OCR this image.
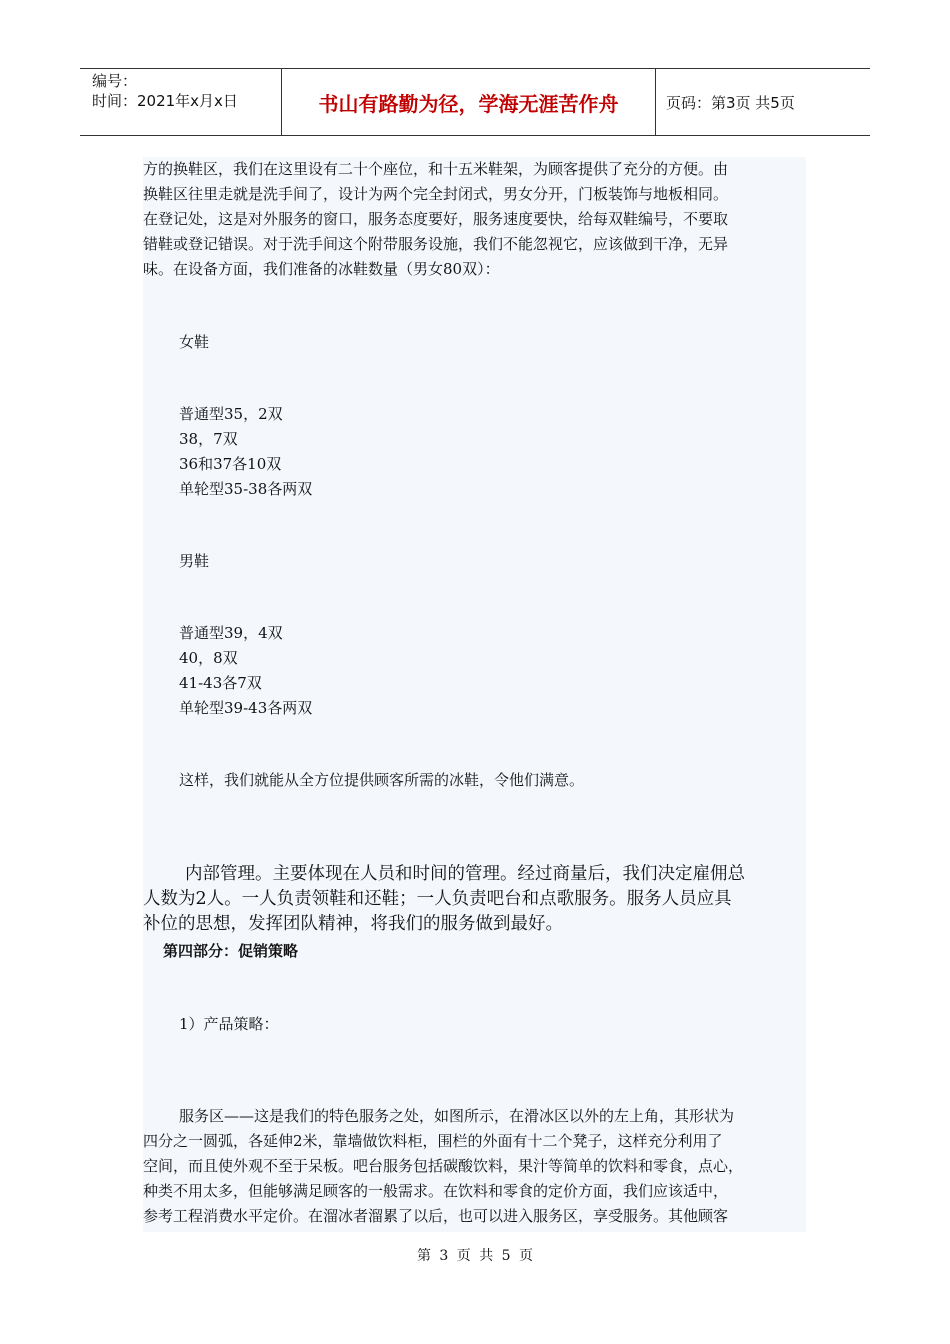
编号：
时间：2021年x月x日	书山有路勤为径，学海无涯苦作舟	页码：第3页 共5页

方的换鞋区，我们在这里设有二十个座位，和十五米鞋架，为顾客提供了充分的方便。由

换鞋区往里走就是洗手间了，设计为两个完全封闭式，男女分开，门板装饰与地板相同。

在登记处，这是对外服务的窗口，服务态度要好，服务速度要快，给每双鞋编号，不要取

错鞋或登记错误。对于洗手间这个附带服务设施，我们不能忽视它，应该做到干净，无异

味。在设备方面，我们准备的冰鞋数量（男女80双）：

女鞋

普通型35，2双

38，7双

36和37各10双

单轮型35-38各两双

男鞋

普通型39，4双

40，8双

41-43各7双

单轮型39-43各两双

这样，我们就能从全方位提供顾客所需的冰鞋，令他们满意。

内部管理。主要体现在人员和时间的管理。经过商量后，我们决定雇佣总

人数为2人。一人负责领鞋和还鞋；一人负责吧台和点歌服务。服务人员应具

补位的思想，发挥团队精神，将我们的服务做到最好。

第四部分：促销策略

1）产品策略：

服务区——这是我们的特色服务之处，如图所示，在滑冰区以外的左上角，其形状为

四分之一圆弧，各延伸2米，靠墙做饮料柜，围栏的外面有十二个凳子，这样充分利用了

空间，而且使外观不至于呆板。吧台服务包括碳酸饮料，果汁等简单的饮料和零食，点心，

种类不用太多，但能够满足顾客的一般需求。在饮料和零食的定价方面，我们应该适中，

参考工程消费水平定价。在溜冰者溜累了以后，也可以进入服务区，享受服务。其他顾客

第 3 页 共 5 页
